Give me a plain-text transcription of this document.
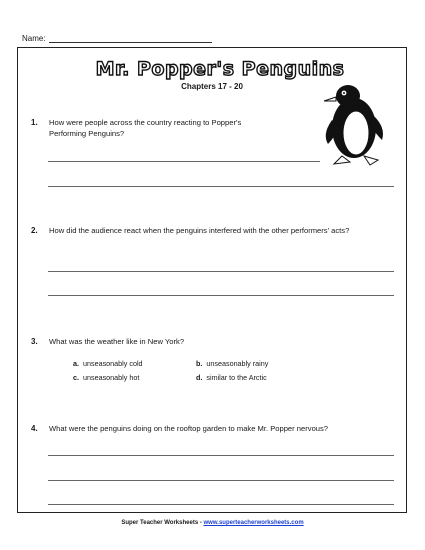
Name:
Mr. Popper's Penguins
Chapters 17 - 20
1. How were people across the country reacting to Popper's Performing Penguins?
2. How did the audience react when the penguins interfered with the other performers' acts?
3. What was the weather like in New York?
a. unseasonably cold	b. unseasonably rainy
c. unseasonably hot	d. similar to the Arctic
4. What were the penguins doing on the rooftop garden to make Mr. Popper nervous?
Super Teacher Worksheets - www.superteacherworksheets.com
